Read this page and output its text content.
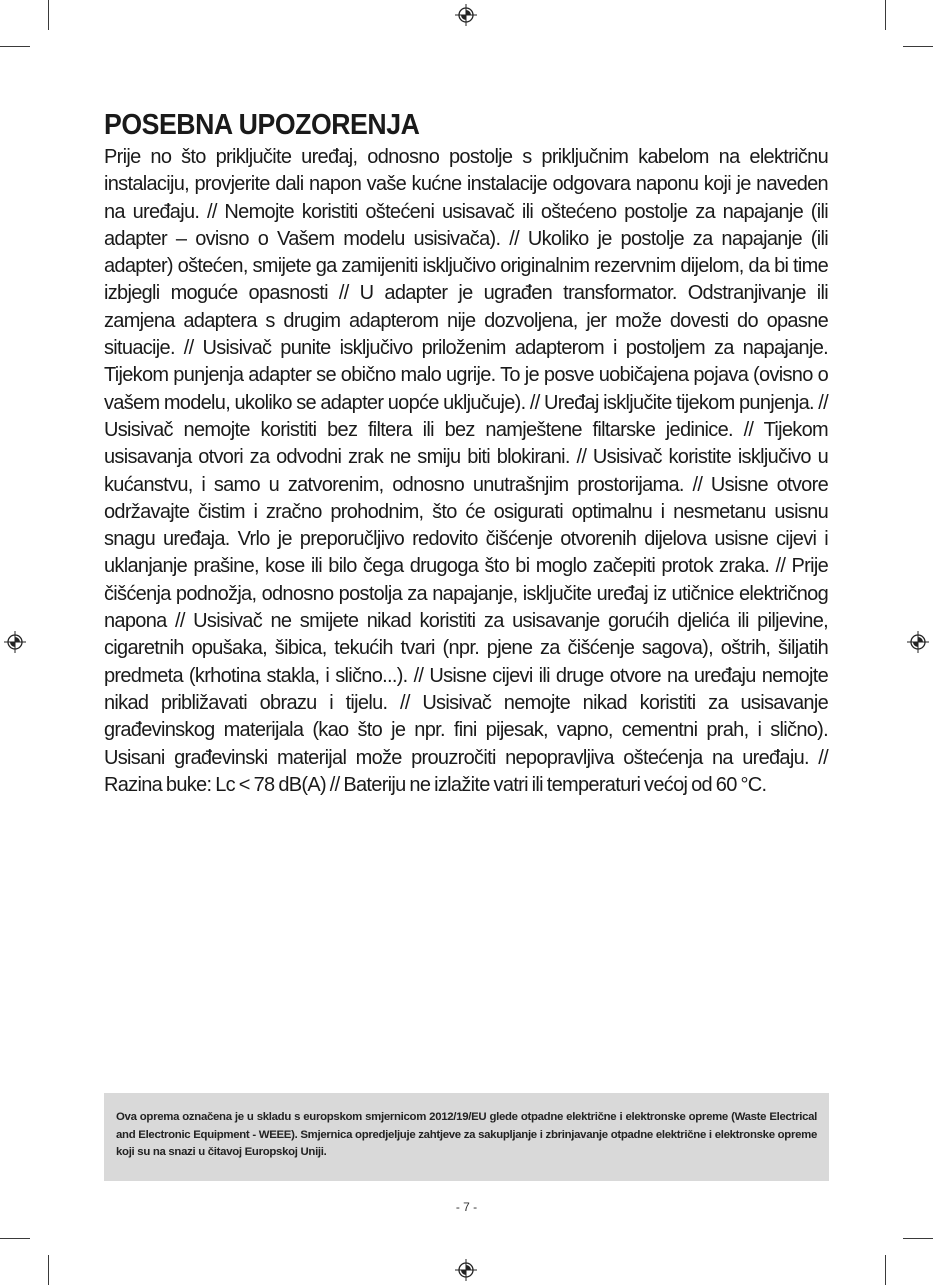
POSEBNA UPOZORENJA

Prije no što priključite uređaj, odnosno postolje s priključnim kabelom na električnu instalaciju, provjerite dali napon vaše kućne instalacije odgovara naponu koji je naveden na uređaju. // Nemojte koristiti oštećeni usisavač ili oštećeno postolje za napajanje (ili adapter – ovisno o Vašem modelu usisivača). // Ukoliko je postolje za napajanje (ili adapter) oštećen, smijete ga zamijeniti isključivo originalnim rezervnim dijelom, da bi time izbjegli moguće opasnosti // U adapter je ugrađen transformator. Odstranjivanje ili zamjena adaptera s drugim adapterom nije dozvoljena, jer može dovesti do opasne situacije. // Usisivač punite isključivo priloženim adapterom i postoljem za napajanje. Tijekom punjenja adapter se obično malo ugrije. To je posve uobičajena pojava (ovisno o vašem modelu, ukoliko se adapter uopće uključuje). // Uređaj isključite tijekom punjenja. // Usisivač nemojte koristiti bez filtera ili bez namještene filtarske jedinice. // Tijekom usisavanja otvori za odvodni zrak ne smiju biti blokirani. // Usisivač koristite isključivo u kućanstvu, i samo u zatvorenim, odnosno unutrašnjim prostorijama. // Usisne otvore održavajte čistim i zračno prohodnim, što će osigurati optimalnu i nesmetanu usisnu snagu uređaja. Vrlo je preporučljivo redovito čišćenje otvorenih dijelova usisne cijevi i uklanjanje prašine, kose ili bilo čega drugoga što bi moglo začepiti protok zraka. // Prije čišćenja podnožja, odnosno postolja za napajanje, isključite uređaj iz utičnice električnog napona // Usisivač ne smijete nikad koristiti za usisavanje gorućih djelića ili piljevine, cigaretnih opušaka, šibica, tekućih tvari (npr. pjene za čišćenje sagova), oštrih, šiljatih predmeta (krhotina stakla, i slično...). // Usisne cijevi ili druge otvore na uređaju nemojte nikad približavati obrazu i tijelu. // Usisivač nemojte nikad koristiti za usisavanje građevinskog materijala (kao što je npr. fini pijesak, vapno, cementni prah, i slično). Usisani građevinski materijal može prouzročiti nepopravljiva oštećenja na uređaju. // Razina buke: Lc < 78 dB(A) // Bateriju ne izlažite vatri ili temperaturi većoj od 60 °C.

Ova oprema označena je u skladu s europskom smjernicom 2012/19/EU glede otpadne električne i elektronske opreme (Waste Electrical and Electronic Equipment - WEEE). Smjernica opredjeljuje zahtjeve za sakupljanje i zbrinjavanje otpadne električne i elektronske opreme koji su na snazi u čitavoj Europskoj Uniji.

- 7 -
